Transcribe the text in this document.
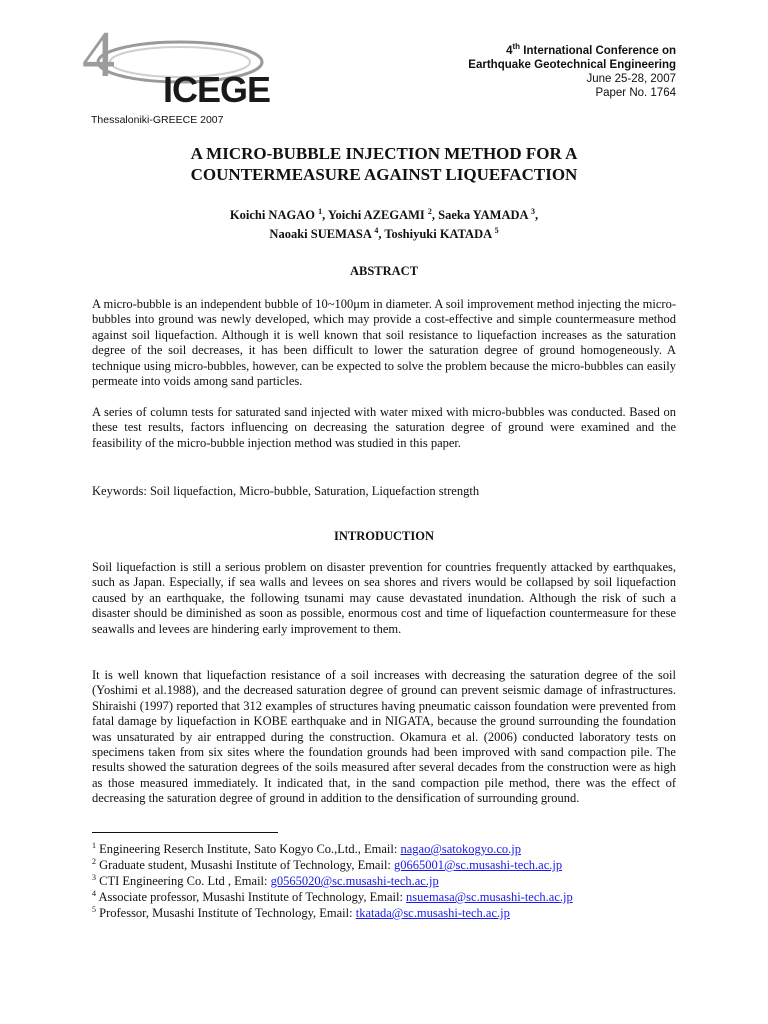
4 ICEGE
Thessaloniki-GREECE 2007
4th International Conference on
Earthquake Geotechnical Engineering
June 25-28, 2007
Paper No. 1764
A MICRO-BUBBLE INJECTION METHOD FOR A
COUNTERMEASURE AGAINST LIQUEFACTION
Koichi NAGAO $^1$, Yoichi AZEGAMI $^2$, Saeka YAMADA $^3$,
Naoaki SUEMASA $^4$, Toshiyuki KATADA $^5$
ABSTRACT

A micro-bubble is an independent bubble of 10~100μm in diameter. A soil improvement method injecting the micro-bubbles into ground was newly developed, which may provide a cost-effective and simple countermeasure method against soil liquefaction. Although it is well known that soil resistance to liquefaction increases as the saturation degree of the soil decreases, it has been difficult to lower the saturation degree of ground homogeneously. A technique using micro-bubbles, however, can be expected to solve the problem because the micro-bubbles can easily permeate into voids among sand particles.

A series of column tests for saturated sand injected with water mixed with micro-bubbles was conducted. Based on these test results, factors influencing on decreasing the saturation degree of ground were examined and the feasibility of the micro-bubble injection method was studied in this paper.

Keywords: Soil liquefaction, Micro-bubble, Saturation, Liquefaction strength

INTRODUCTION

Soil liquefaction is still a serious problem on disaster prevention for countries frequently attacked by earthquakes, such as Japan. Especially, if sea walls and levees on sea shores and rivers would be collapsed by soil liquefaction caused by an earthquake, the following tsunami may cause devastated inundation. Although the risk of such a disaster should be diminished as soon as possible, enormous cost and time of liquefaction countermeasure for these seawalls and levees are hindering early improvement to them.

It is well known that liquefaction resistance of a soil increases with decreasing the saturation degree of the soil (Yoshimi et al.1988), and the decreased saturation degree of ground can prevent seismic damage of infrastructures. Shiraishi (1997) reported that 312 examples of structures having pneumatic caisson foundation were prevented from fatal damage by liquefaction in KOBE earthquake and in NIGATA, because the ground surrounding the foundation was unsaturated by air entrapped during the construction. Okamura et al. (2006) conducted laboratory tests on specimens taken from six sites where the foundation grounds had been improved with sand compaction pile. The results showed the saturation degrees of the soils measured after several decades from the construction were as high as those measured immediately. It indicated that, in the sand compaction pile method, there was the effect of decreasing the saturation degree of ground in addition to the densification of surrounding ground.

$^1$ Engineering Reserch Institute, Sato Kogyo Co.,Ltd., Email: nagao@satokogyo.co.jp
$^2$ Graduate student, Musashi Institute of Technology, Email: g0665001@sc.musashi-tech.ac.jp
$^3$ CTI Engineering Co. Ltd , Email: g0565020@sc.musashi-tech.ac.jp
$^4$ Associate professor, Musashi Institute of Technology, Email: nsuemasa@sc.musashi-tech.ac.jp
$^5$ Professor, Musashi Institute of Technology, Email: tkatada@sc.musashi-tech.ac.jp
